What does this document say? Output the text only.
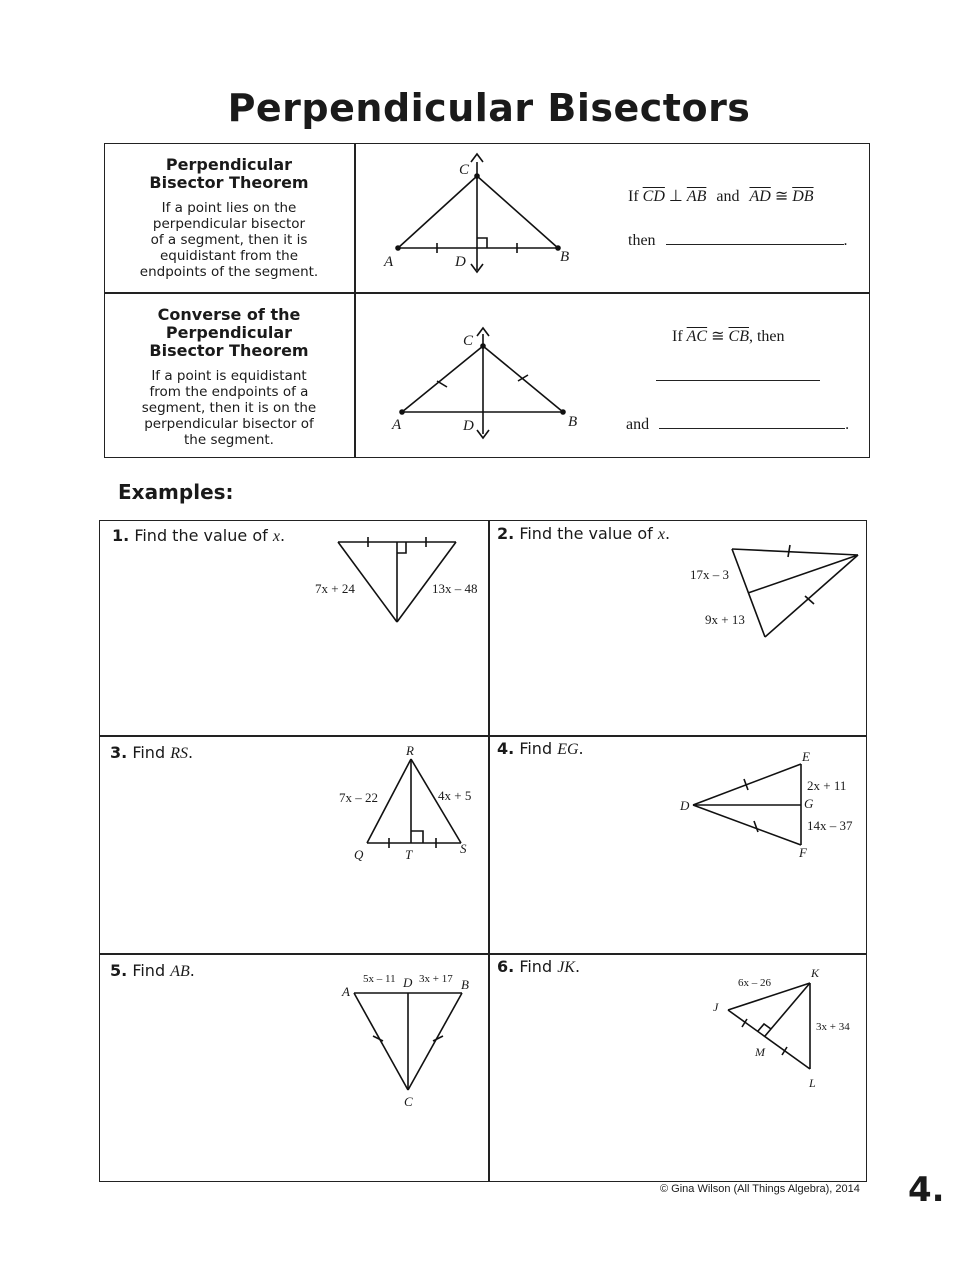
Perpendicular Bisectors
Perpendicular
Bisector Theorem
If a point lies on the
perpendicular bisector
of a segment, then it is
equidistant from the
endpoints of the segment.
Converse of the
Perpendicular
Bisector Theorem
If a point is equidistant
from the endpoints of a
segment, then it is on the
perpendicular bisector of
the segment.
If $\overline{CD}$ ⊥ $\overline{AB}$ and $\overline{AD}$ ≅ $\overline{DB}$
then	.
If $\overline{AC}$ ≅ $\overline{CB}$, then
and	.
Examples:
1. Find the value of x.	2. Find the value of x.
3. Find RS.	4. Find EG.
5. Find AB.	6. Find JK.
C
A	D	B
C
A	D	B
7x + 24	13x – 48
17x – 3
9x + 13
R
7x – 22	4x + 5
Q	T	S
E
2x + 11
G
D
14x – 37
F
A
5x – 11 D 3x + 17 B
C
6x – 26
K
J
3x + 34
M
L
© Gina Wilson (All Things Algebra), 2014 4.
